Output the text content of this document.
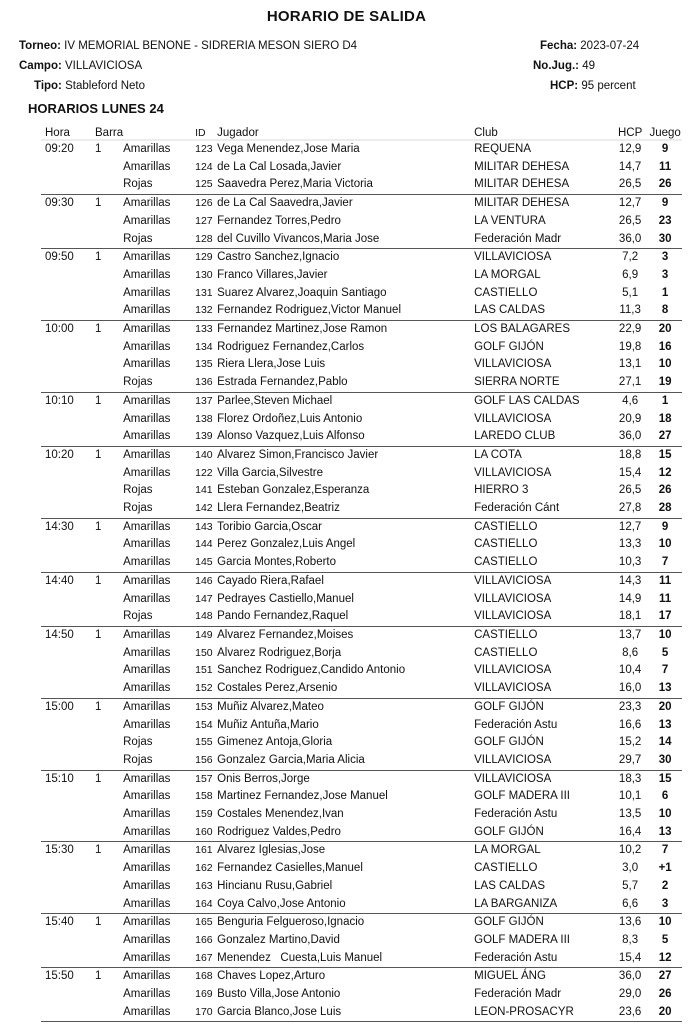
HORARIO DE SALIDA
Torneo: IV MEMORIAL BENONE - SIDRERIA MESON SIERO D4
Campo: VILLAVICIOSA
Tipo: Stableford Neto
Fecha: 2023-07-24
No.Jug.: 49
HCP: 95 percent
HORARIOS LUNES 24
Hora	Barra		ID	Jugador	Club	HCP	Juego
09:20	1	Amarillas	123	Vega Menendez,Jose Maria	REQUENA	12,9	9
		Amarillas	124	de La Cal Losada,Javier	MILITAR DEHESA	14,7	11
		Rojas	125	Saavedra Perez,Maria Victoria	MILITAR DEHESA	26,5	26
09:30	1	Amarillas	126	de La Cal Saavedra,Javier	MILITAR DEHESA	12,7	9
		Amarillas	127	Fernandez Torres,Pedro	LA VENTURA	26,5	23
		Rojas	128	del Cuvillo Vivancos,Maria Jose	Federación Madr	36,0	30
09:50	1	Amarillas	129	Castro Sanchez,Ignacio	VILLAVICIOSA	7,2	3
		Amarillas	130	Franco Villares,Javier	LA MORGAL	6,9	3
		Amarillas	131	Suarez Alvarez,Joaquin Santiago	CASTIELLO	5,1	1
		Amarillas	132	Fernandez Rodriguez,Victor Manuel	LAS CALDAS	11,3	8
10:00	1	Amarillas	133	Fernandez Martinez,Jose Ramon	LOS BALAGARES	22,9	20
		Amarillas	134	Rodriguez Fernandez,Carlos	GOLF GIJÓN	19,8	16
		Amarillas	135	Riera Llera,Jose Luis	VILLAVICIOSA	13,1	10
		Rojas	136	Estrada Fernandez,Pablo	SIERRA NORTE	27,1	19
10:10	1	Amarillas	137	Parlee,Steven Michael	GOLF LAS CALDAS	4,6	1
		Amarillas	138	Florez Ordoñez,Luis Antonio	VILLAVICIOSA	20,9	18
		Amarillas	139	Alonso Vazquez,Luis Alfonso	LAREDO CLUB	36,0	27
10:20	1	Amarillas	140	Alvarez Simon,Francisco Javier	LA COTA	18,8	15
		Amarillas	122	Villa Garcia,Silvestre	VILLAVICIOSA	15,4	12
		Rojas	141	Esteban Gonzalez,Esperanza	HIERRO 3	26,5	26
		Rojas	142	Llera Fernandez,Beatriz	Federación Cánt	27,8	28
14:30	1	Amarillas	143	Toribio Garcia,Oscar	CASTIELLO	12,7	9
		Amarillas	144	Perez Gonzalez,Luis Angel	CASTIELLO	13,3	10
		Amarillas	145	Garcia Montes,Roberto	CASTIELLO	10,3	7
14:40	1	Amarillas	146	Cayado Riera,Rafael	VILLAVICIOSA	14,3	11
		Amarillas	147	Pedrayes Castiello,Manuel	VILLAVICIOSA	14,9	11
		Rojas	148	Pando Fernandez,Raquel	VILLAVICIOSA	18,1	17
14:50	1	Amarillas	149	Alvarez Fernandez,Moises	CASTIELLO	13,7	10
		Amarillas	150	Alvarez Rodriguez,Borja	CASTIELLO	8,6	5
		Amarillas	151	Sanchez Rodriguez,Candido Antonio	VILLAVICIOSA	10,4	7
		Amarillas	152	Costales Perez,Arsenio	VILLAVICIOSA	16,0	13
15:00	1	Amarillas	153	Muñiz Alvarez,Mateo	GOLF GIJÓN	23,3	20
		Amarillas	154	Muñiz Antuña,Mario	Federación Astu	16,6	13
		Rojas	155	Gimenez Antoja,Gloria	GOLF GIJÓN	15,2	14
		Rojas	156	Gonzalez Garcia,Maria Alicia	VILLAVICIOSA	29,7	30
15:10	1	Amarillas	157	Onis Berros,Jorge	VILLAVICIOSA	18,3	15
		Amarillas	158	Martinez Fernandez,Jose Manuel	GOLF MADERA III	10,1	6
		Amarillas	159	Costales Menendez,Ivan	Federación Astu	13,5	10
		Amarillas	160	Rodriguez Valdes,Pedro	GOLF GIJÓN	16,4	13
15:30	1	Amarillas	161	Alvarez Iglesias,Jose	LA MORGAL	10,2	7
		Amarillas	162	Fernandez Casielles,Manuel	CASTIELLO	3,0	+1
		Amarillas	163	Hincianu Rusu,Gabriel	LAS CALDAS	5,7	2
		Amarillas	164	Coya Calvo,Jose Antonio	LA BARGANIZA	6,6	3
15:40	1	Amarillas	165	Benguria Felgueroso,Ignacio	GOLF GIJÓN	13,6	10
		Amarillas	166	Gonzalez Martino,David	GOLF MADERA III	8,3	5
		Amarillas	167	Menendez   Cuesta,Luis Manuel	Federación Astu	15,4	12
15:50	1	Amarillas	168	Chaves Lopez,Arturo	MIGUEL ÁNG	36,0	27
		Amarillas	169	Busto Villa,Jose Antonio	Federación Madr	29,0	26
		Amarillas	170	Garcia Blanco,Jose Luis	LEON-PROSACYR	23,6	20
